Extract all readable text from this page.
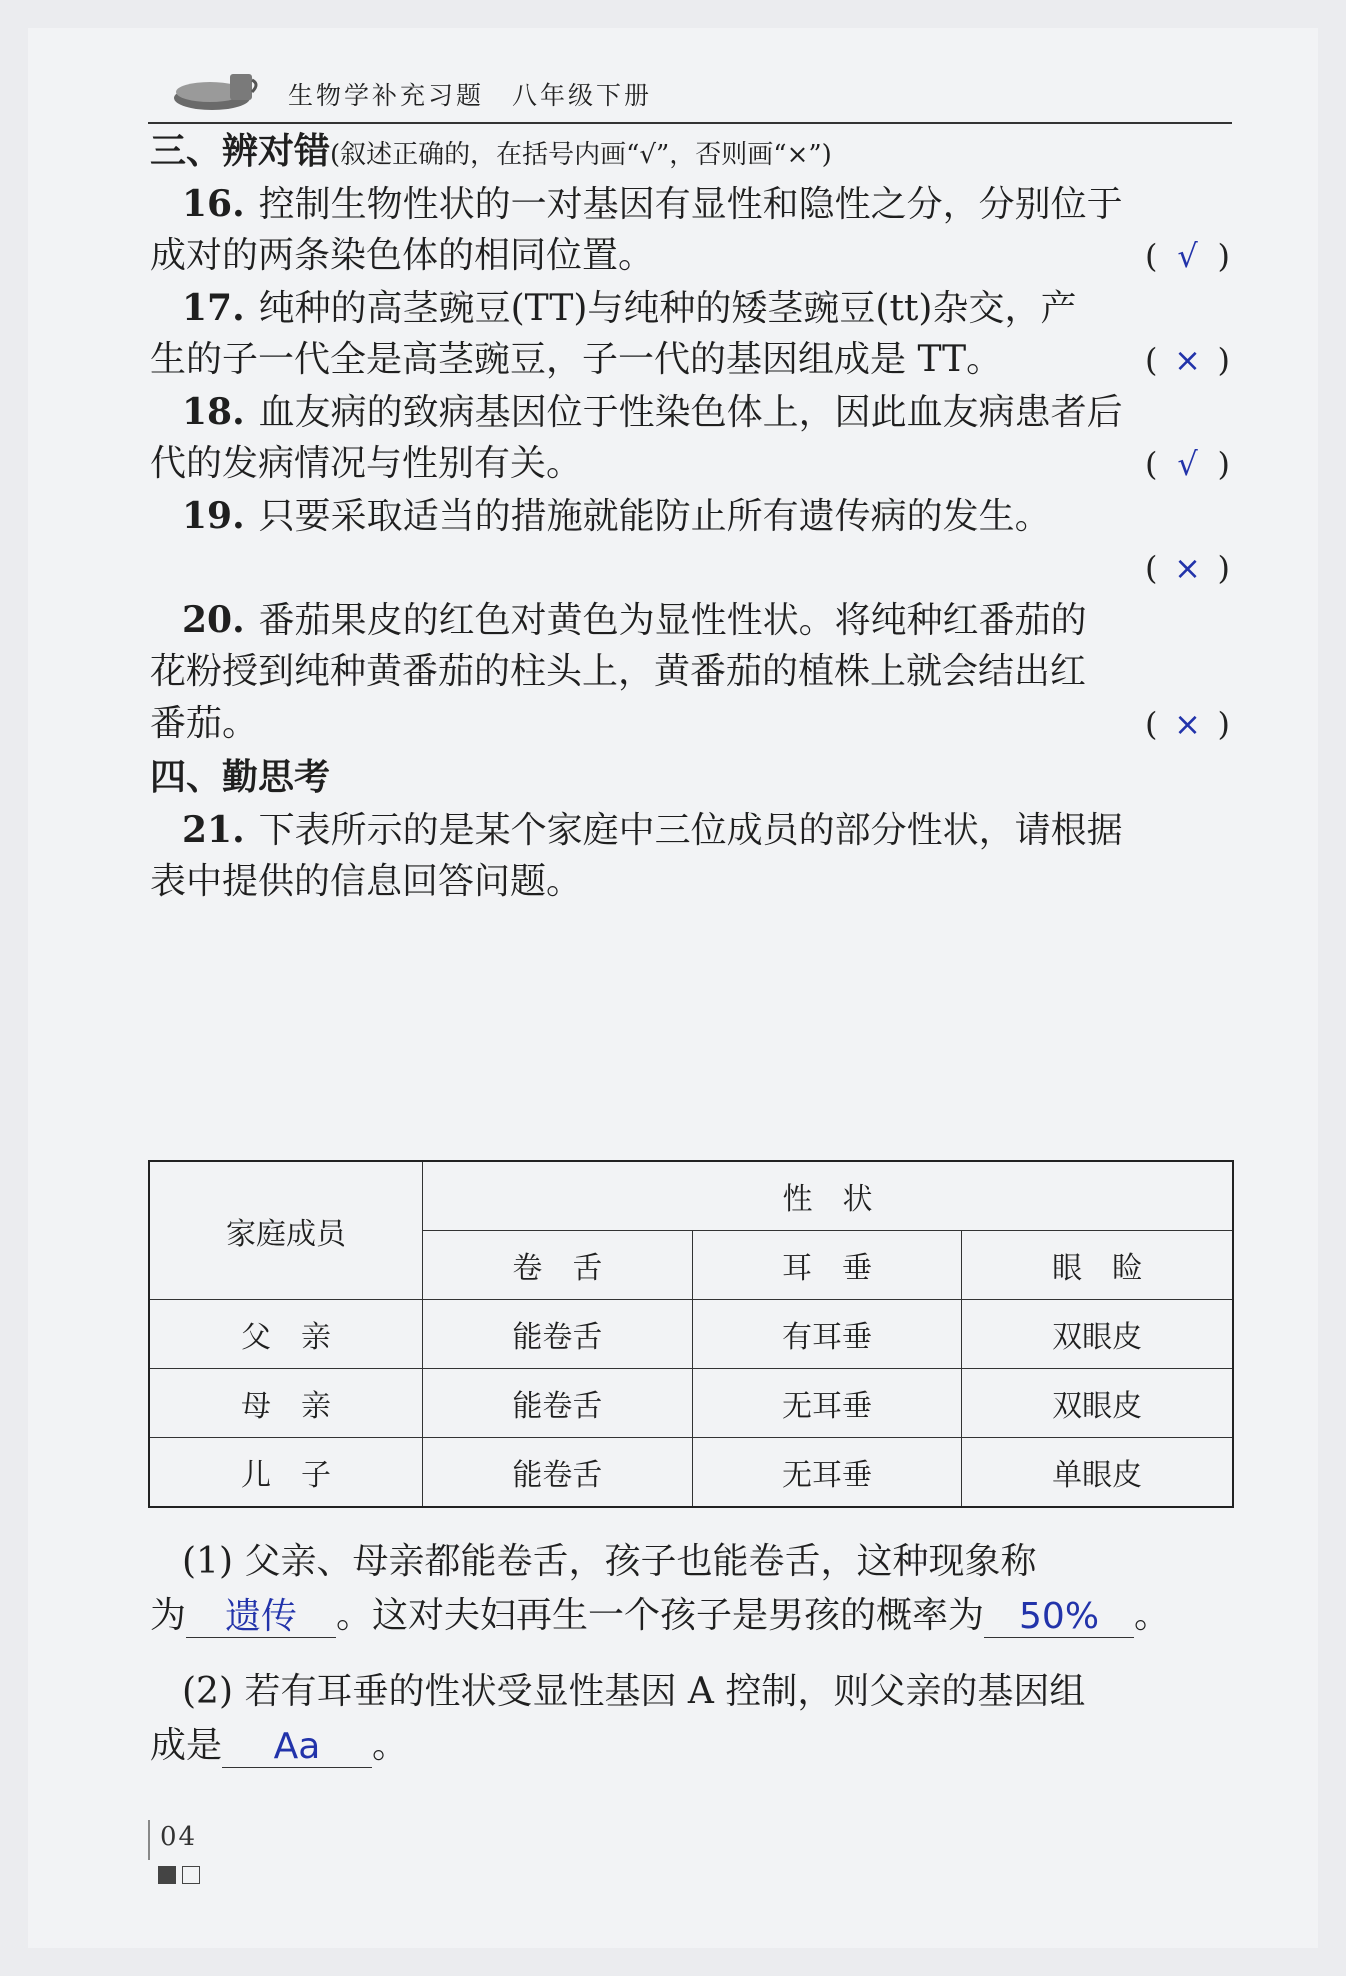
生物学补充习题　八年级下册
三、辨对错(叙述正确的，在括号内画“√”，否则画“×”)
16. 控制生物性状的一对基因有显性和隐性之分，分别位于
成对的两条染色体的相同位置。	( √ )
17. 纯种的高茎豌豆(TT)与纯种的矮茎豌豆(tt)杂交，产
生的子一代全是高茎豌豆，子一代的基因组成是 TT。	( × )
18. 血友病的致病基因位于性染色体上，因此血友病患者后
代的发病情况与性别有关。	( √ )
19. 只要采取适当的措施就能防止所有遗传病的发生。
( × )
20. 番茄果皮的红色对黄色为显性性状。将纯种红番茄的
花粉授到纯种黄番茄的柱头上，黄番茄的植株上就会结出红
番茄。	( × )
四、勤思考
21. 下表所示的是某个家庭中三位成员的部分性状，请根据
表中提供的信息回答问题。
家庭成员	性　状		
	卷　舌	耳　垂	眼　睑
父　亲	能卷舌	有耳垂	双眼皮
母　亲	能卷舌	无耳垂	双眼皮
儿　子	能卷舌	无耳垂	单眼皮
(1) 父亲、母亲都能卷舌，孩子也能卷舌，这种现象称
为 遗传 。这对夫妇再生一个孩子是男孩的概率为 50% 。
(2) 若有耳垂的性状受显性基因 A 控制，则父亲的基因组
成是 Aa 。
04
